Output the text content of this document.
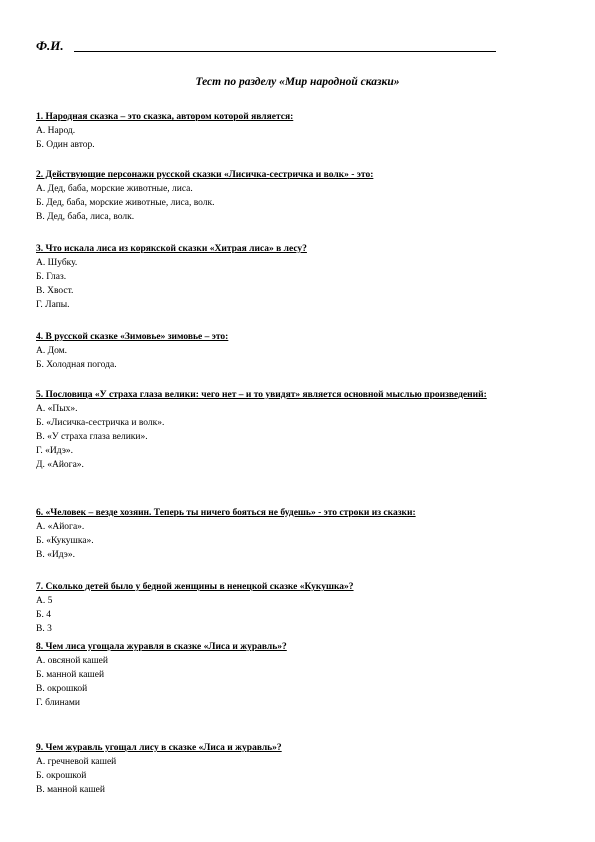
Ф.И.
Тест по разделу «Мир народной сказки»
1. Народная сказка – это сказка, автором которой является:
А. Народ.
Б. Один автор.
2. Действующие персонажи русской сказки «Лисичка-сестричка и волк» - это:
А. Дед, баба, морские животные, лиса.
Б. Дед, баба, морские животные, лиса, волк.
В. Дед, баба, лиса, волк.
3. Что искала лиса из корякской сказки «Хитрая лиса» в лесу?
А. Шубку.
Б. Глаз.
В. Хвост.
Г. Лапы.
4. В русской сказке «Зимовье» зимовье – это:
А. Дом.
Б. Холодная погода.
5. Пословица «У страха глаза велики: чего нет – и то увидят» является основной мыслью произведений:
А. «Пых».
Б. «Лисичка-сестричка и волк».
В. «У страха глаза велики».
Г. «Идэ».
Д. «Айога».
6. «Человек – везде хозяин. Теперь ты ничего бояться не будешь» - это строки из сказки:
А. «Айога».
Б. «Кукушка».
В. «Идэ».
7. Сколько детей было у бедной женщины в ненецкой сказке «Кукушка»?
А. 5
Б. 4
В. 3
8. Чем лиса угощала журавля в сказке «Лиса и журавль»?
А. овсяной кашей
Б. манной кашей
В. окрошкой
Г. блинами
9. Чем журавль угощал лису в сказке «Лиса и журавль»?
А. гречневой кашей
Б. окрошкой
В. манной кашей
